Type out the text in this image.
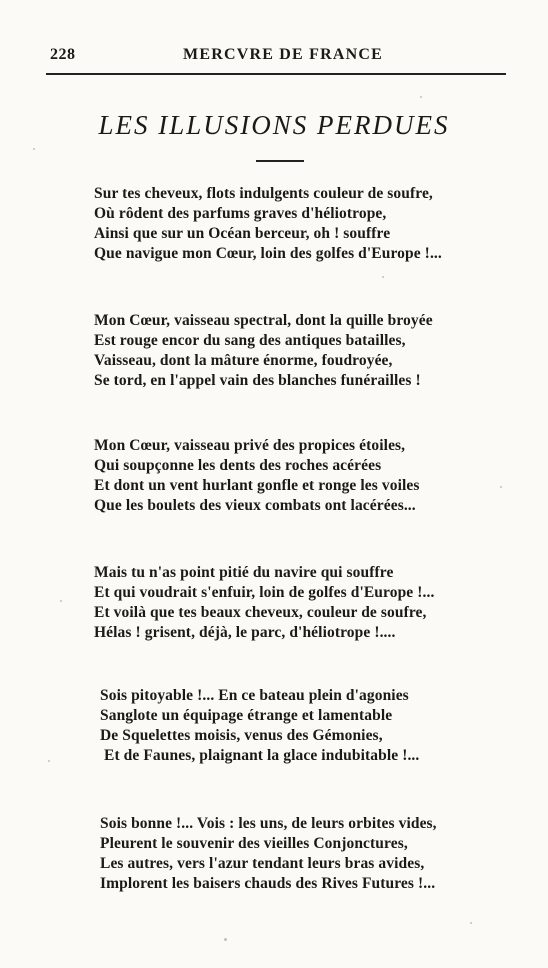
228	MERCVRE DE FRANCE
LES ILLUSIONS PERDUES
Sur tes cheveux, flots indulgents couleur de soufre,
Où rôdent des parfums graves d'héliotrope,
Ainsi que sur un Océan berceur, oh ! souffre
Que navigue mon Cœur, loin des golfes d'Europe !...
Mon Cœur, vaisseau spectral, dont la quille broyée
Est rouge encor du sang des antiques batailles,
Vaisseau, dont la mâture énorme, foudroyée,
Se tord, en l'appel vain des blanches funérailles !
Mon Cœur, vaisseau privé des propices étoiles,
Qui soupçonne les dents des roches acérées
Et dont un vent hurlant gonfle et ronge les voiles
Que les boulets des vieux combats ont lacérées...
Mais tu n'as point pitié du navire qui souffre
Et qui voudrait s'enfuir, loin de golfes d'Europe !...
Et voilà que tes beaux cheveux, couleur de soufre,
Hélas ! grisent, déjà, le parc, d'héliotrope !....
Sois pitoyable !... En ce bateau plein d'agonies
Sanglote un équipage étrange et lamentable
De Squelettes moisis, venus des Gémonies,
Et de Faunes, plaignant la glace indubitable !...
Sois bonne !... Vois : les uns, de leurs orbites vides,
Pleurent le souvenir des vieilles Conjonctures,
Les autres, vers l'azur tendant leurs bras avides,
Implorent les baisers chauds des Rives Futures !...
